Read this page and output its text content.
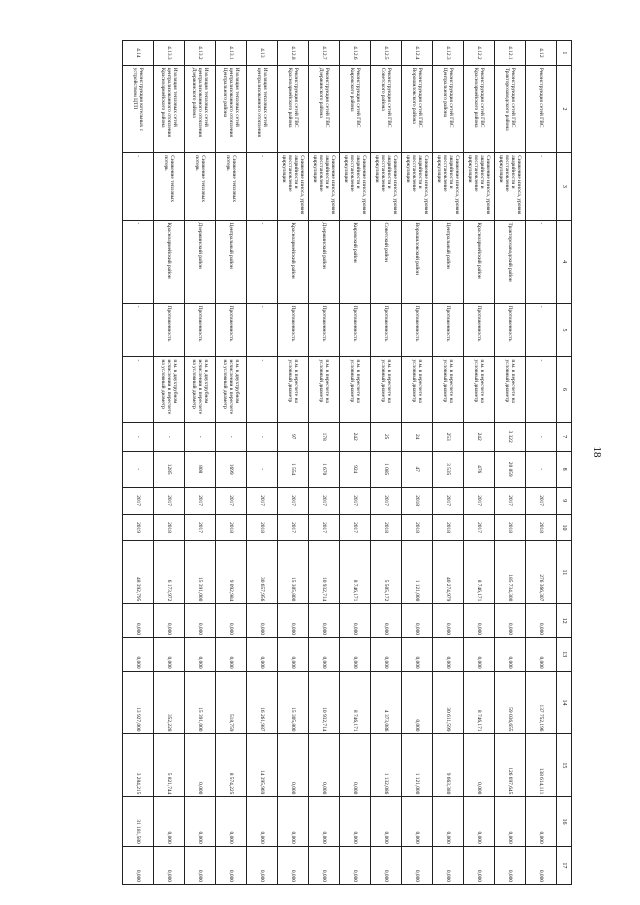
18
1	2	3	4	5	6	7	8	9	10	11	12	13	14	15	16	17
4.12	Реконструкция сетей ГВС	-	-	-	-	-	-	2017	2018	276 366,307	0,000	0,000	137 752,196	138 614,111	0,000	0,000
4.12.1	Реконструкция сетей ГВС Тракторозаводского района	Снижение износа, уровня аварийности и восстановление циркуляции	Тракторозаводский район	Протяженность	п.м. в пересчете на условный диаметр	3 322	20 859	2017	2018	185 734,300	0,000	0,000	59 036,655	126 697,645	0,000	0,000
4.12.2	Реконструкция сетей ГВС Красноармейского района	Снижение износа, уровня аварийности и восстановление циркуляции	Красноармейский район	Протяженность	п.м. в пересчете на условный диаметр	242	476	2017	2017	8 746,171	0,000	0,000	8 746,171	0,000	0,000	0,000
4.12.3	Реконструкция сетей ГВС Центрального района	Снижение износа, уровня аварийности и восстановление циркуляции	Центральный район	Протяженность	п.м. в пересчете на условный диаметр	253	3 535	2017	2018	40 274,979	0,000	0,000	30 611,599	9 663,380	0,000	0,000
4.12.4	Реконструкция сетей ГВС Ворошиловского района	Снижение износа, уровня аварийности и восстановление циркуляции	Ворошиловский район	Протяженность	п.м. в пересчете на условный диаметр	24	47	2018	2018	1 121,000	0,000	0,000	0,000	1 121,000	0,000	0,000
4.12.5	Реконструкция сетей ГВС Советского района	Снижение износа, уровня аварийности и восстановление циркуляции	Советский район	Протяженность	п.м. в пересчете на условный диаметр	25	1 085	2017	2018	5 505,172	0,000	0,000	4 373,086	1 132,086	0,000	0,000
4.12.6	Реконструкция сетей ГВС Кировского района	Снижение износа, уровня аварийности и восстановление циркуляции	Кировский район	Протяженность	п.м. в пересчете на условный диаметр	242	924	2017	2017	8 746,171	0,000	0,000	8 746,171	0,000	0,000	0,000
4.12.7	Реконструкция сетей ГВС Дзержинского района	Снижение износа, уровня аварийности и восстановление циркуляции	Дзержинский район	Протяженность	п.м. в пересчете на условный диаметр	178	1 670	2017	2017	10 932,714	0,000	0,000	10 932,714	0,000	0,000	0,000
4.12.8	Реконструкция сетей ГВС Красноармейского района	Снижение износа, уровня аварийности и восстановление циркуляции	Красноармейский район	Протяженность	п.м. в пересчете на условный диаметр	97	1 554	2017	2017	15 305,800	0,000	0,000	15 305,800	0,000	0,000	0,000
4.13	Изоляция тепловых сетей централизованного отопления	-	-	-	-	-	-	2017	2018	30 657,956	0,000	0,000	16 261,987	14 395,969	0,000	0,000
4.13.1	Изоляция тепловых сетей централизованного отопления Центрального района	Снижение тепловых потерь	Центральный район	Протяженность	п.м. в двухтрубном исчислении в пересчете на условный диаметр	-	1699	2017	2018	9 092,984	0,000	0,000	518,759	8 574,225	0,000	0,000
4.13.2	Изоляция тепловых сетей централизованного отопления Дзержинского района	Снижение тепловых потерь	Дзержинский район	Протяженность	п.м. в двухтрубном исчислении в пересчете на условный диаметр	-	808	2017	2017	15 391,000	0,000	0,000	15 391,000	0,000	0,000	0,000
4.13.3	Изоляция тепловых сетей централизованного отопления Красноармейского района	Снижение тепловых потерь	Красноармейский район	Протяженность	п.м. в двухтрубном исчислении в пересчете на условный диаметр	-	1285	2017	2018	6 173,972	0,000	0,000	352,228	5 821,744	0,000	0,000
4.14	Реконструкция котельных с устройством ЦТП	-	-	-	-	-	-	2017	2019	48 392,795	0,000	0,000	13 927,000	3 284,215	31 181,580	0,000
